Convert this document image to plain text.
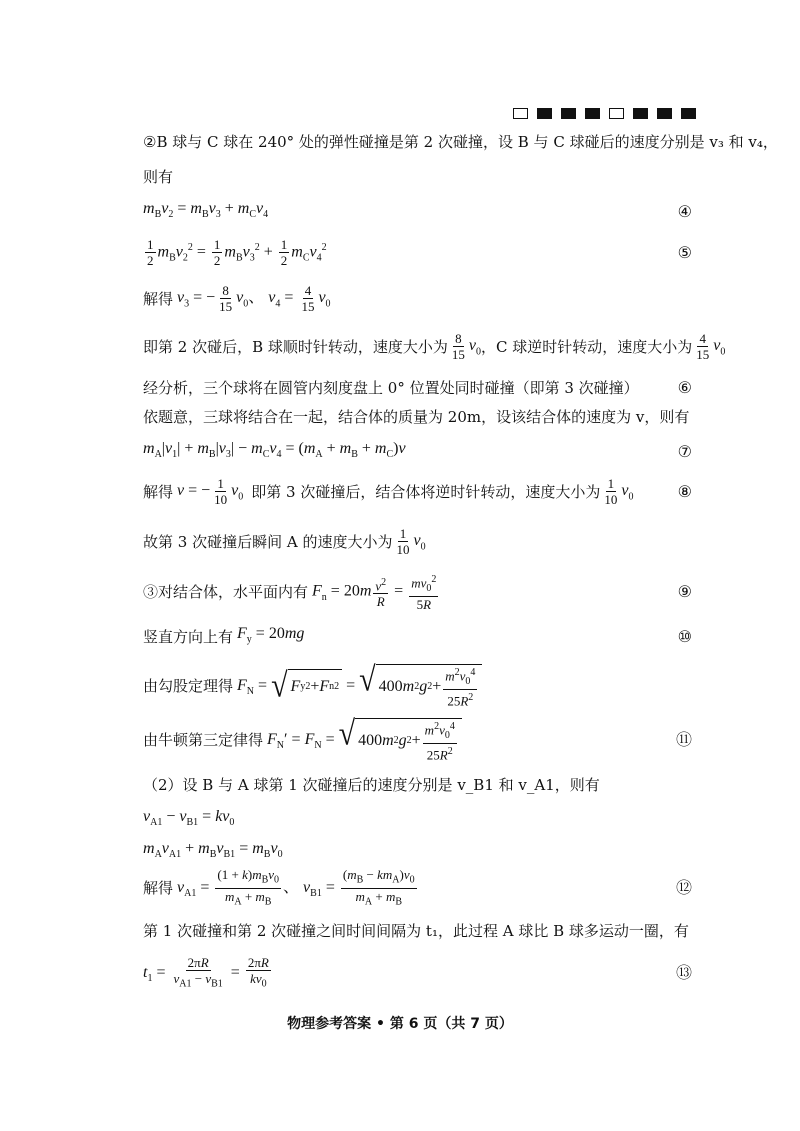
②B 球与 C 球在 240° 处的弹性碰撞是第 2 次碰撞，设 B 与 C 球碰后的速度分别是 v₃ 和 v₄，
则有
$m_Bv_2 = m_Bv_3 + m_Cv_4$	④
$\frac{1}{2} m_Bv_2^2 = \frac{1}{2} m_Bv_3^2 + \frac{1}{2} m_Cv_4^2$	⑤
解得 $v_3$ = − $\frac{8}{15} v_0$、 $v_4 = \frac{4}{15} v_0$
即第 2 次碰后，B 球顺时针转动，速度大小为 $\frac{8}{15} v_0$ ，C 球逆时针转动，速度大小为 $\frac{4}{15} v_0$
经分析，三个球将在圆管内刻度盘上 0° 位置处同时碰撞（即第 3 次碰撞） ⑥
依题意，三球将结合在一起，结合体的质量为 20m，设该结合体的速度为 v，则有
$m_A|v_1| + m_B|v_3| - m_Cv_4 = (m_A + m_B + m_C)v$	⑦
解得 v = − $\frac{1}{10} v_0$ 即第 3 次碰撞后，结合体将逆时针转动，速度大小为 $\frac{1}{10} v_0$	⑧
故第 3 次碰撞后瞬间 A 的速度大小为 $\frac{1}{10} v_0$
③对结合体，水平面内有 $F_n = 20m \frac{v^2}{R} = \frac{mv_0^2}{5R}$	⑨
竖直方向上有 $F_y = 20mg$	⑩
由勾股定理得 $F_N$ = √ F y 2 + F n 2 = √ 400 m 2 g $2 + \frac{m^2v_0^4}{25R^2}$
由牛顿第三定律得 $F_N' = F_N$ = √ 400 m 2 g $2 + \frac{m^2v_0^4}{25R^2}$	⑪
（2）设 B 与 A 球第 1 次碰撞后的速度分别是 v_B1 和 v_A1，则有
$v_{A1} - v_{B1} = kv_0$
$m_Av_{A1} + m_Bv_{B1} = m_Bv_0$
解得 $v_{A1} = \frac{(1 + k)m_Bv_0}{m_A + m_B}$ 、 $v_{B1} = \frac{(m_B - km_A)v_0}{m_A + m_B}$	⑫
第 1 次碰撞和第 2 次碰撞之间时间间隔为 t₁，此过程 A 球比 B 球多运动一圈，有
$t_1 = \frac{2\pi R}{v_{A1} - v_{B1}} = \frac{2\pi R}{kv_0}$	⑬
物理参考答案 • 第 6 页（共 7 页）
